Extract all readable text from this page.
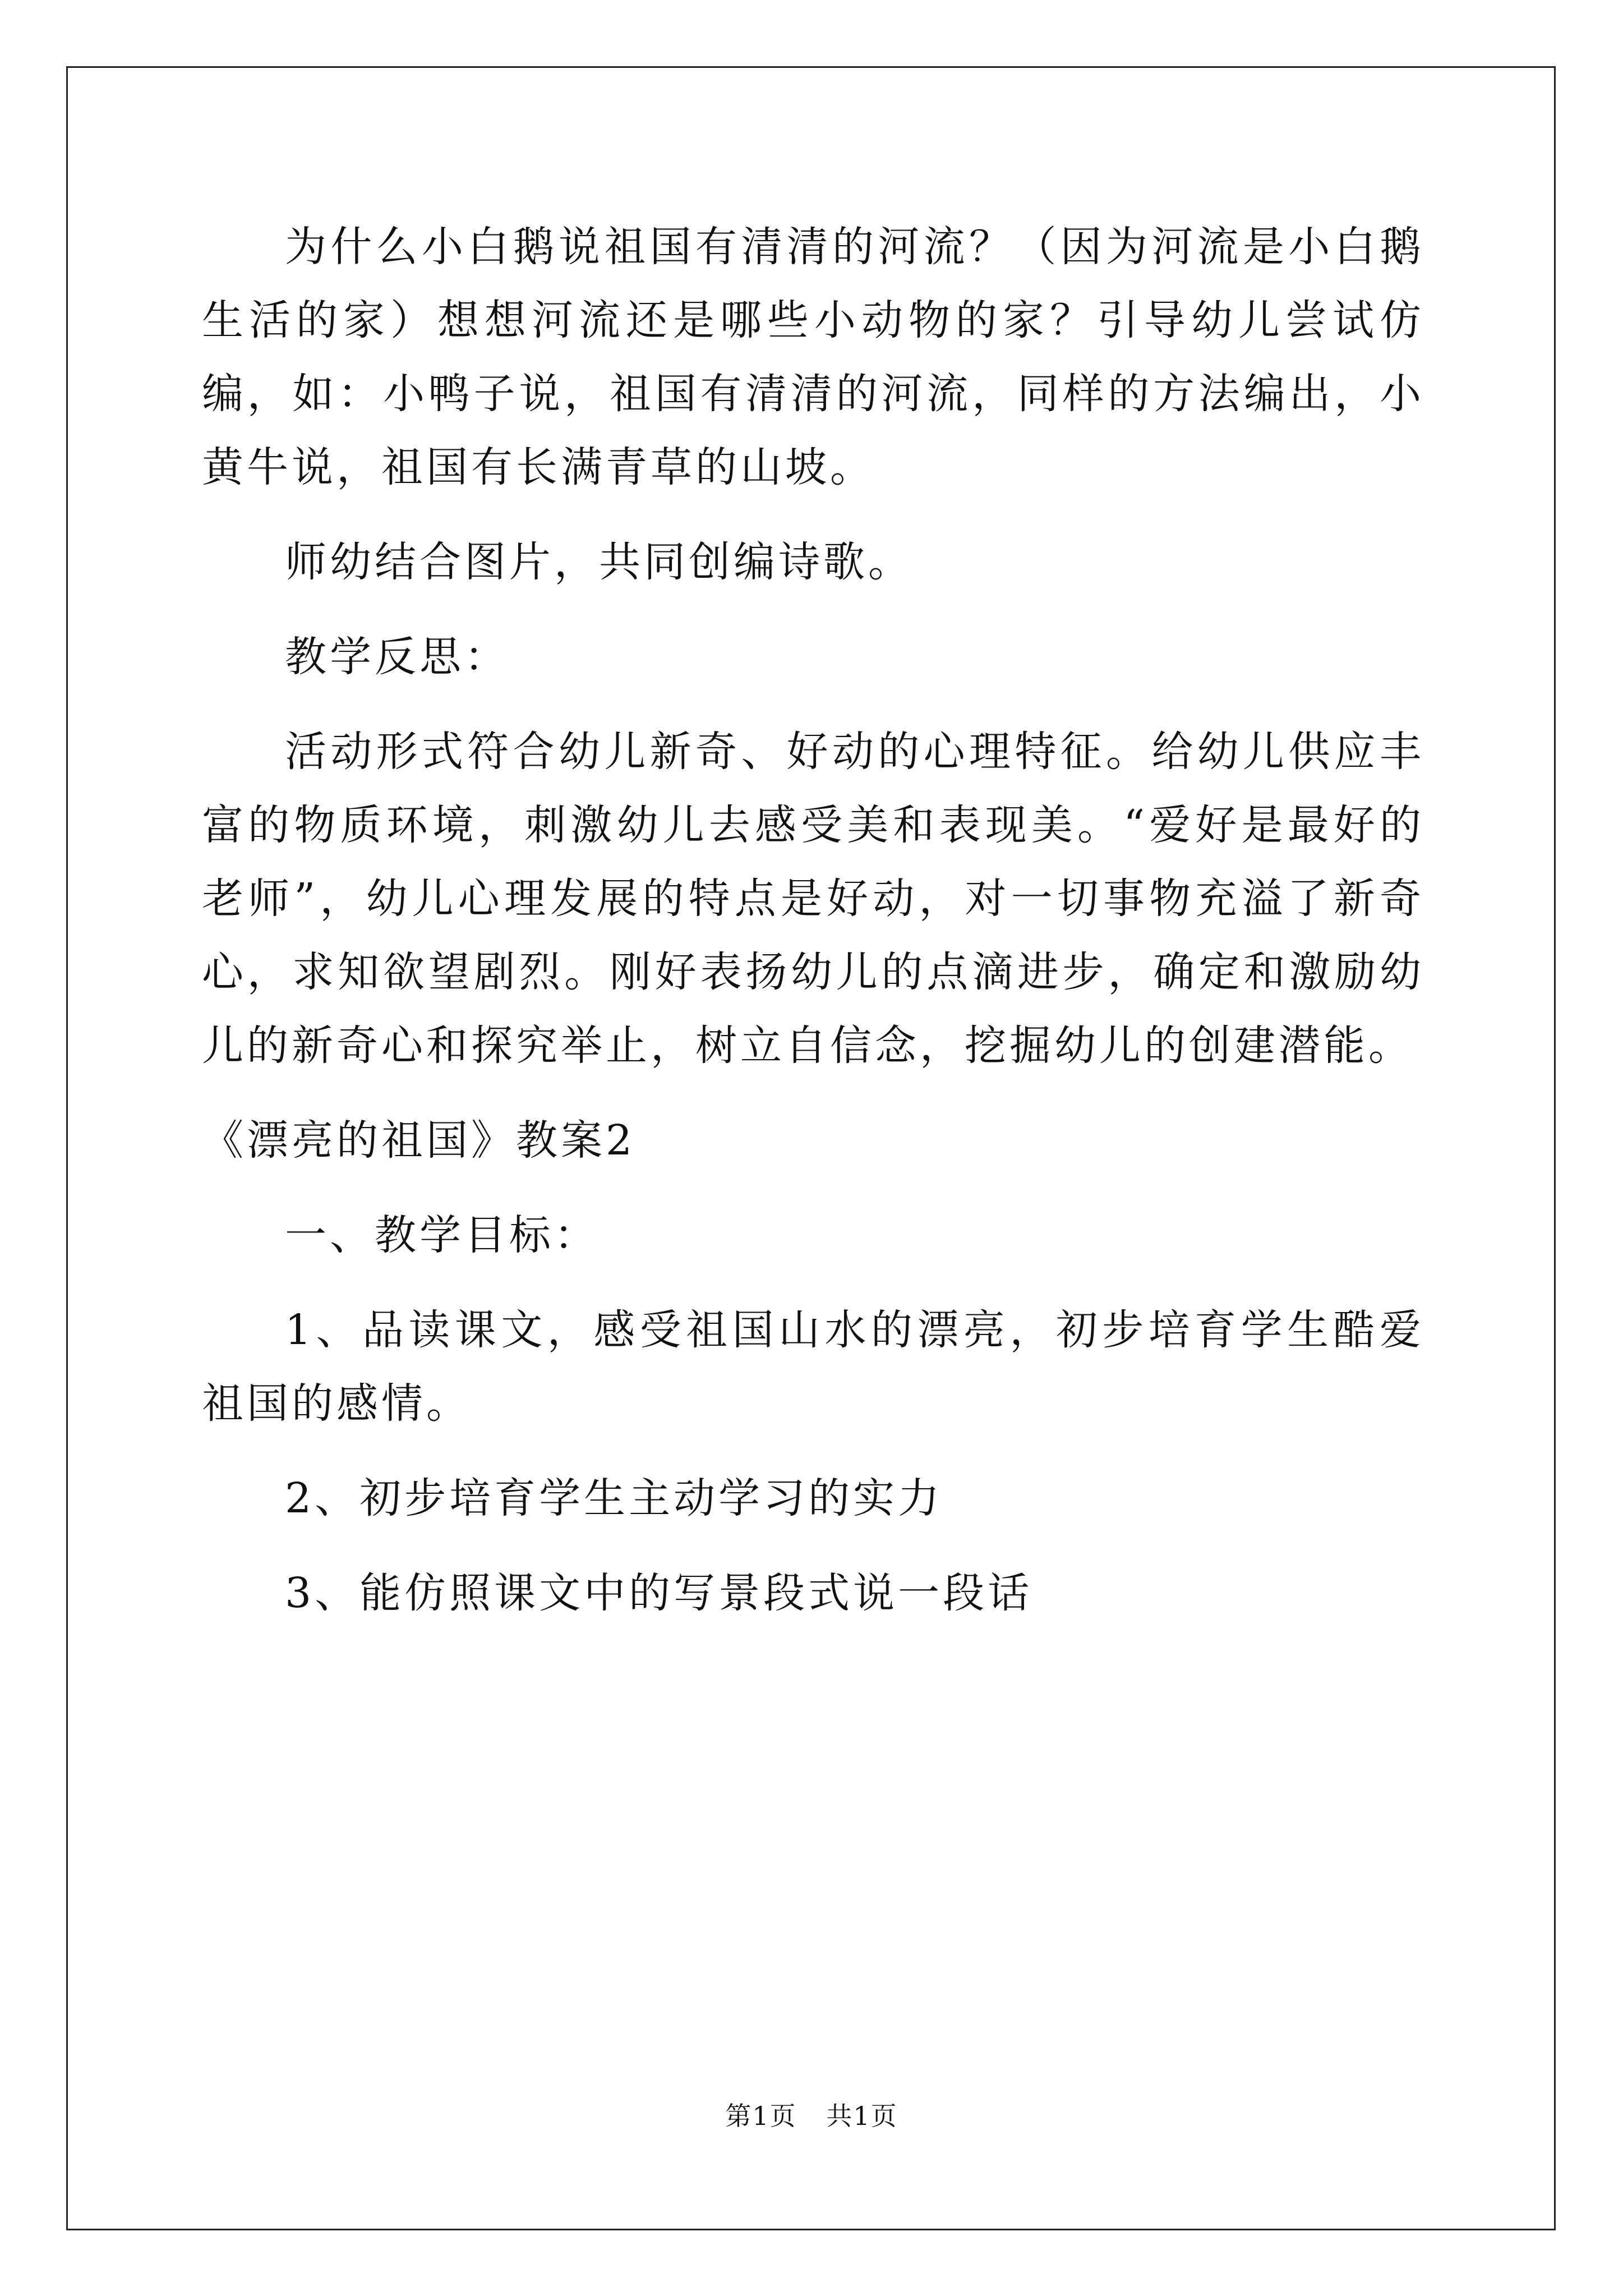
为什么小白鹅说祖国有清清的河流？（因为河流是小白鹅生活的家）想想河流还是哪些小动物的家？引导幼儿尝试仿编，如：小鸭子说，祖国有清清的河流，同样的方法编出，小黄牛说，祖国有长满青草的山坡。

师幼结合图片，共同创编诗歌。

教学反思：

活动形式符合幼儿新奇、好动的心理特征。给幼儿供应丰富的物质环境，刺激幼儿去感受美和表现美。“爱好是最好的老师”，幼儿心理发展的特点是好动，对一切事物充溢了新奇心，求知欲望剧烈。刚好表扬幼儿的点滴进步，确定和激励幼儿的新奇心和探究举止，树立自信念，挖掘幼儿的创建潜能。

《漂亮的祖国》教案2

一、教学目标：

1、品读课文，感受祖国山水的漂亮，初步培育学生酷爱祖国的感情。

2、初步培育学生主动学习的实力

3、能仿照课文中的写景段式说一段话

第1页 共1页
